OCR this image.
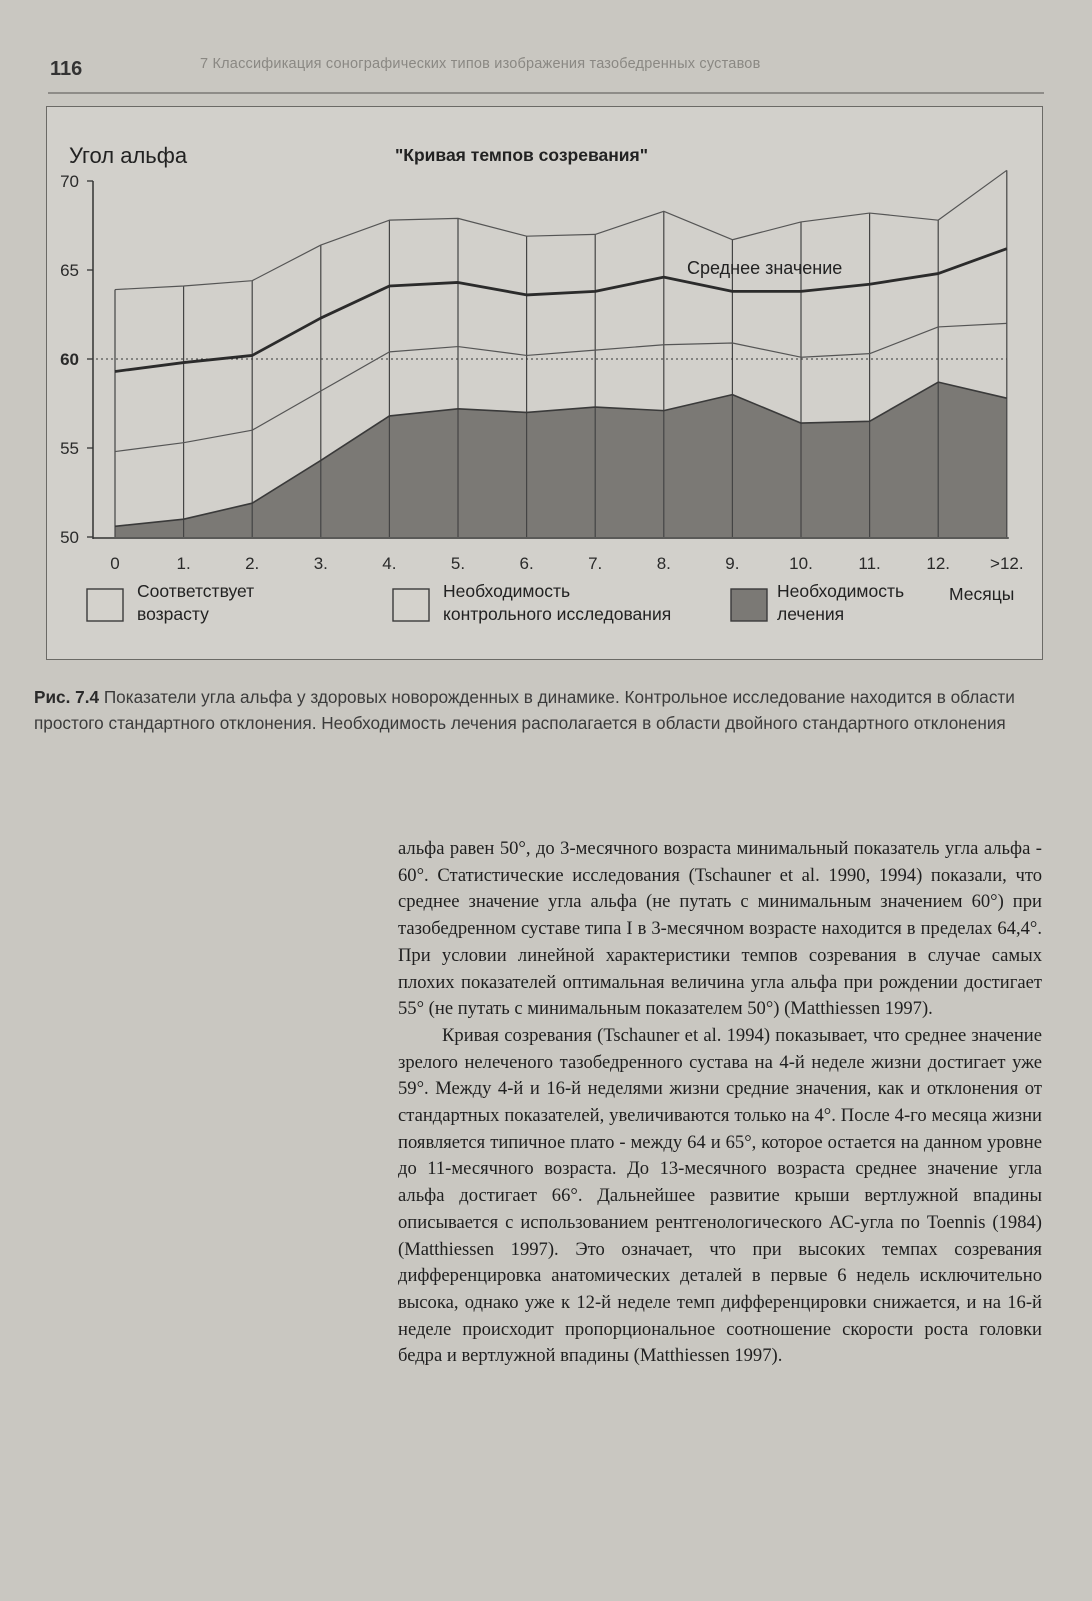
116	7 Классификация сонографических типов изображения тазобедренных суставов
50
55
60
65
70
0	1.	2.	3.	4.	5.	6.	7.	8.	9.	10.	11.	12. >12.
Угол альфа	"Кривая темпов созревания"
Среднее значение
Месяцы
Соответствует
возрасту
Необходимость
контрольного исследования
Необходимость
лечения
Рис. 7.4 Показатели угла альфа у здоровых новорожденных в динамике. Контрольное исследование находится в области простого стандартного отклонения. Необходимость лечения располагается в области двойного стандартного отклонения

альфа равен 50°, до 3-месячного возраста минимальный показатель угла альфа - 60°. Статистические исследования (Tschauner et al. 1990, 1994) показали, что среднее значение угла альфа (не путать с минимальным значением 60°) при тазобедренном суставе типа I в 3-месячном возрасте находится в пределах 64,4°. При условии линейной характеристики темпов созревания в случае самых плохих показателей оптимальная величина угла альфа при рождении достигает 55° (не путать с минимальным показателем 50°) (Matthiessen 1997).

Кривая созревания (Tschauner et al. 1994) показывает, что среднее значение зрелого нелеченого тазобедренного сустава на 4-й неделе жизни достигает уже 59°. Между 4-й и 16-й неделями жизни средние значения, как и отклонения от стандартных показателей, увеличиваются только на 4°. После 4-го месяца жизни появляется типичное плато - между 64 и 65°, которое остается на данном уровне до 11-месячного возраста. До 13-месячного возраста среднее значение угла альфа достигает 66°. Дальнейшее развитие крыши вертлужной впадины описывается с использованием рентгенологического АС-угла по Toennis (1984) (Matthiessen 1997). Это означает, что при высоких темпах созревания дифференцировка анатомических деталей в первые 6 недель исключительно высока, однако уже к 12-й неделе темп дифференцировки снижается, и на 16-й неделе происходит пропорциональное соотношение скорости роста головки бедра и вертлужной впадины (Matthiessen 1997).
